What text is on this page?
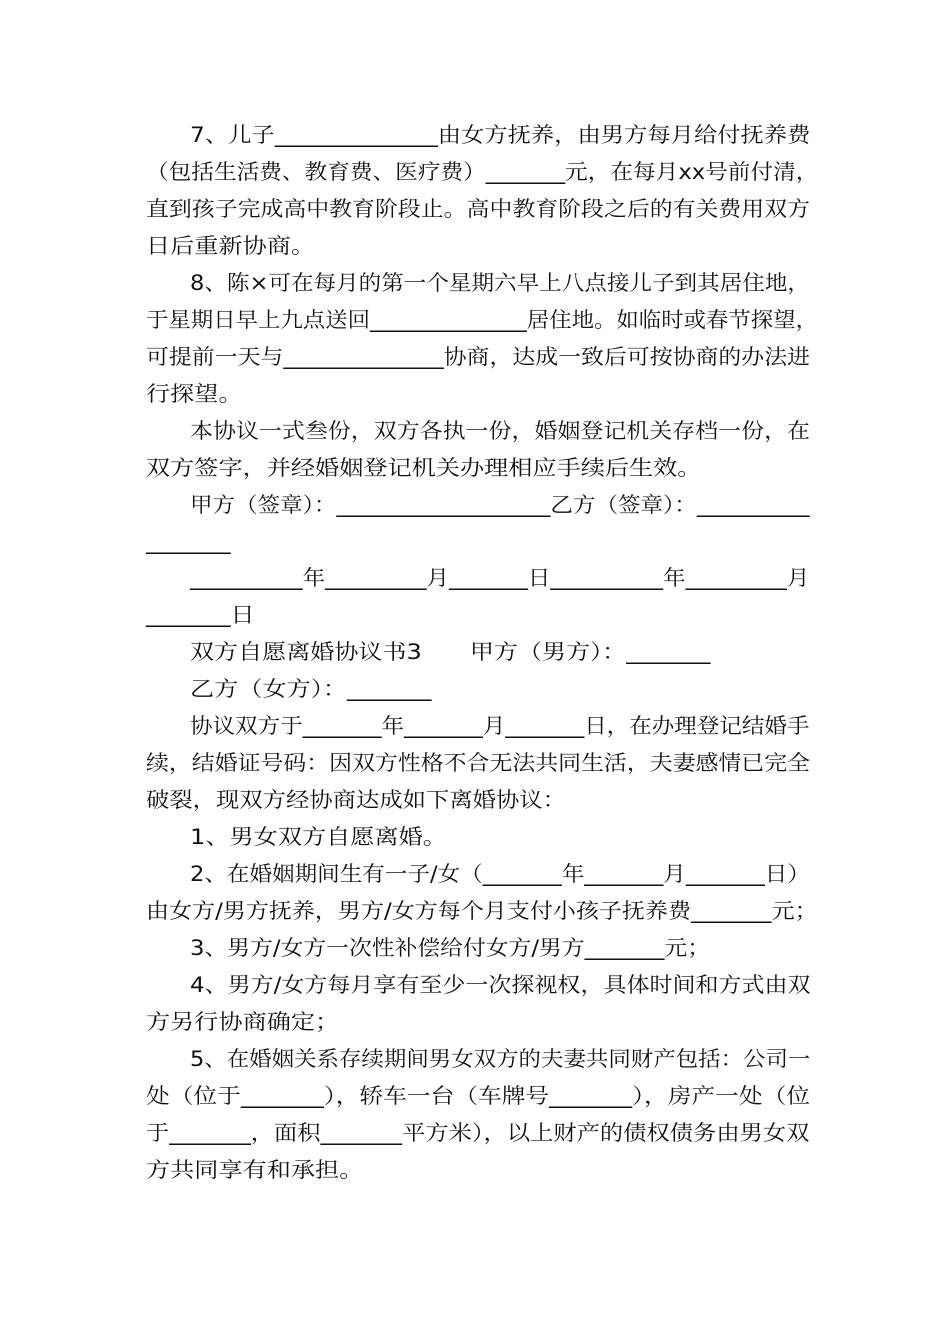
7、儿子______________由女方抚养，由男方每月给付抚养费
（包括生活费、教育费、医疗费）_______元，在每月xx号前付清，
直到孩子完成高中教育阶段止。高中教育阶段之后的有关费用双方
日后重新协商。
8、陈×可在每月的第一个星期六早上八点接儿子到其居住地，
于星期日早上九点送回______________居住地。如临时或春节探望，
可提前一天与______________协商，达成一致后可按协商的办法进
行探望。
本协议一式叁份，双方各执一份，婚姻登记机关存档一份，在
双方签字，并经婚姻登记机关办理相应手续后生效。
甲方（签章）：___________________乙方（签章）：__________
_______
__________年_________月_______日__________年_________月
_______日
双方自愿离婚协议书3　　甲方（男方）：_______
乙方（女方）：_______
协议双方于_______年_______月_______日，在办理登记结婚手
续，结婚证号码：因双方性格不合无法共同生活，夫妻感情已完全
破裂，现双方经协商达成如下离婚协议：
1、男女双方自愿离婚。
2、在婚姻期间生有一子/女（_______年_______月_______日）
由女方/男方抚养，男方/女方每个月支付小孩子抚养费_______元；
3、男方/女方一次性补偿给付女方/男方_______元；
4、男方/女方每月享有至少一次探视权，具体时间和方式由双
方另行协商确定；
5、在婚姻关系存续期间男女双方的夫妻共同财产包括：公司一
处（位于_______），轿车一台（车牌号_______），房产一处（位
于_______，面积_______平方米），以上财产的债权债务由男女双
方共同享有和承担。
